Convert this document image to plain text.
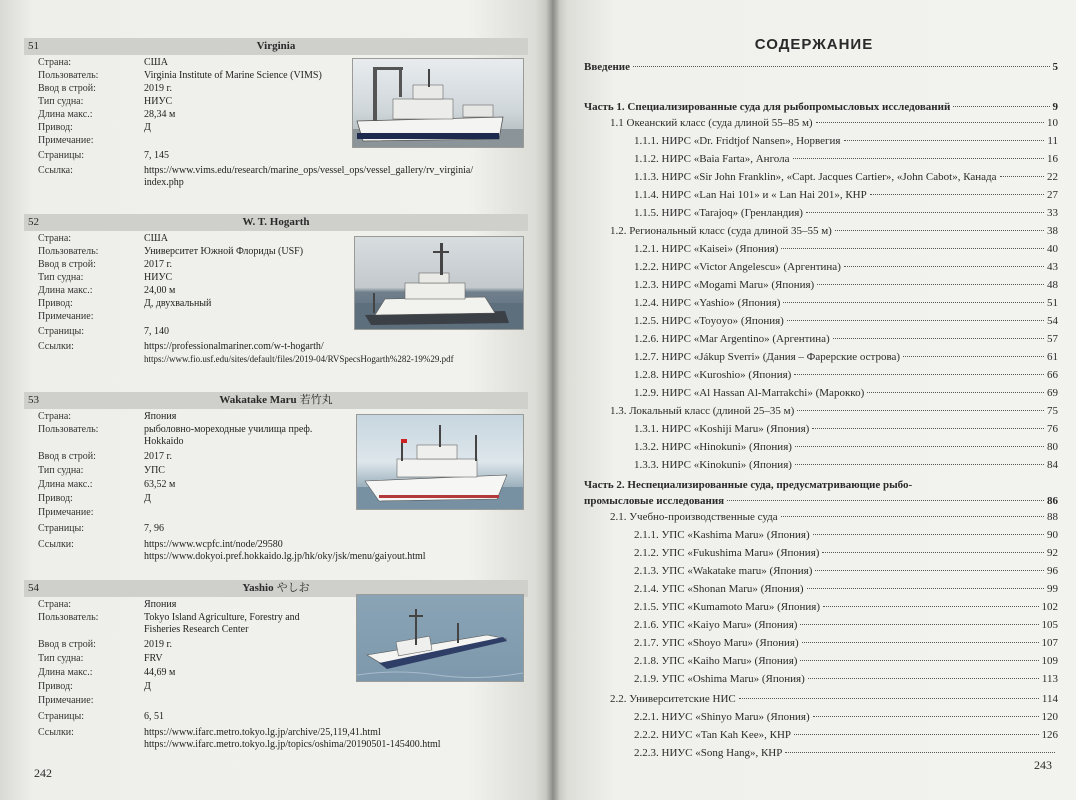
51	Virginia
Страна:	США
Пользователь:	Virginia Institute of Marine Science (VIMS)
Ввод в строй:	2019 г.
Тип судна:	НИУС
Длина макс.:	28,34 м
Привод:	Д
Примечание:
Страницы:	7, 145
Ссылка:	https://www.vims.edu/research/marine_ops/vessel_ops/vessel_gallery/rv_virginia/
index.php
52	W. T. Hogarth
Страна:	США
Пользователь:	Университет Южной Флориды (USF)
Ввод в строй:	2017 г.
Тип судна:	НИУС
Длина макс.:	24,00 м
Привод:	Д, двухвальный
Примечание:
Страницы:	7, 140
Ссылки:	https://professionalmariner.com/w-t-hogarth/
https://www.fio.usf.edu/sites/default/files/2019-04/RVSpecsHogarth%282-19%29.pdf
53	Wakatake Maru 若竹丸
Страна:	Япония
Пользователь:	рыболовно-мореходные училища преф.
Hokkaido
Ввод в строй:	2017 г.
Тип судна:	УПС
Длина макс.:	63,52 м
Привод:	Д
Примечание:
Страницы:	7, 96
Ссылки:	https://www.wcpfc.int/node/29580
https://www.dokyoi.pref.hokkaido.lg.jp/hk/oky/jsk/menu/gaiyout.html
54	Yashio やしお
Страна:	Япония
Пользователь:	Tokyo Island Agriculture, Forestry and
Fisheries Research Center
Ввод в строй:	2019 г.
Тип судна:	FRV
Длина макс.:	44,69 м
Привод:	Д
Примечание:
Страницы:	6, 51
Ссылки:	https://www.ifarc.metro.tokyo.lg.jp/archive/25,119,41.html
https://www.ifarc.metro.tokyo.lg.jp/topics/oshima/20190501-145400.html
242
СОДЕРЖАНИЕ
Введение	5
Часть 1. Специализированные суда для рыбопромысловых исследований	9
1.1 Океанский класс (суда длиной 55–85 м)	10
1.1.1. НИРС «Dr. Fridtjof Nansen», Норвегия	11
1.1.2. НИРС «Baia Farta», Ангола	16
1.1.3. НИРС «Sir John Franklin», «Capt. Jacques Cartier», «John Cabot», Канада	22
1.1.4. НИРС «Lan Hai 101» и « Lan Hai 201», КНР	27
1.1.5. НИРС «Tarajoq» (Гренландия)	33
1.2. Региональный класс (суда длиной 35–55 м)	38
1.2.1. НИРС «Kaisei» (Япония)	40
1.2.2. НИРС «Victor Angelescu» (Аргентина)	43
1.2.3. НИРС «Mogami Maru» (Япония)	48
1.2.4. НИРС «Yashio» (Япония)	51
1.2.5. НИРС «Toyoyo» (Япония)	54
1.2.6. НИРС «Mar Argentino» (Аргентина)	57
1.2.7. НИРС «Jákup Sverri» (Дания – Фарерские острова)	61
1.2.8. НИРС «Kuroshio» (Япония)	66
1.2.9. НИРС «Al Hassan Al-Marrakchi» (Марокко)	69
1.3. Локальный класс (длиной 25–35 м)	75
1.3.1. НИРС «Koshiji Maru» (Япония)	76
1.3.2. НИРС «Hinokuni» (Япония)	80
1.3.3. НИРС «Kinokuni» (Япония)	84
Часть 2. Неспециализированные суда, предусматривающие рыбо-
промысловые исследования	86
2.1. Учебно-производственные суда	88
2.1.1. УПС «Kashima Maru» (Япония)	90
2.1.2. УПС «Fukushima Maru» (Япония)	92
2.1.3. УПС «Wakatake maru» (Япония)	96
2.1.4. УПС «Shonan Maru» (Япония)	99
2.1.5. УПС «Kumamoto Maru» (Япония)	102
2.1.6. УПС «Kaiyo Maru» (Япония)	105
2.1.7. УПС «Shoyo Maru» (Япония)	107
2.1.8. УПС «Kaiho Maru» (Япония)	109
2.1.9. УПС «Oshima Maru» (Япония)	113
2.2. Университетские НИС	114
2.2.1. НИУС «Shinyo Maru» (Япония)	120
2.2.2. НИУС «Tan Kah Kee», КНР	126
2.2.3. НИУС «Song Hang», КНР
243
